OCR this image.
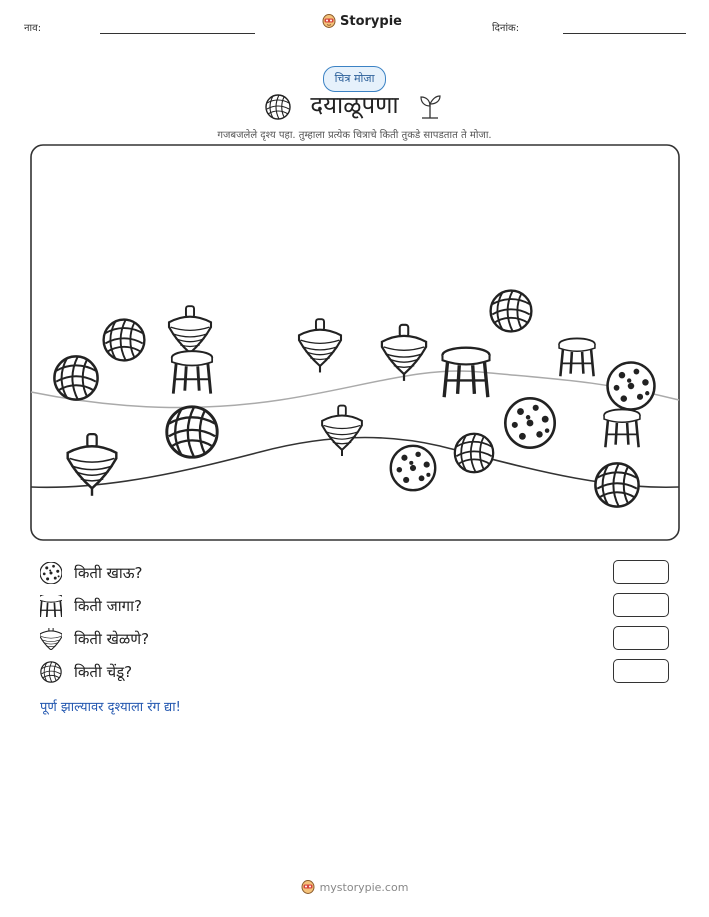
नाव:	Storypie	दिनांक:
चित्र मोजा
दयाळूपणा
गजबजलेले दृश्य पहा. तुम्हाला प्रत्येक चित्राचे किती तुकडे सापडतात ते मोजा.
किती खाऊ?
किती जागा?
किती खेळणे?
किती चेंडू?
पूर्ण झाल्यावर दृश्याला रंग द्या!
mystorypie.com
